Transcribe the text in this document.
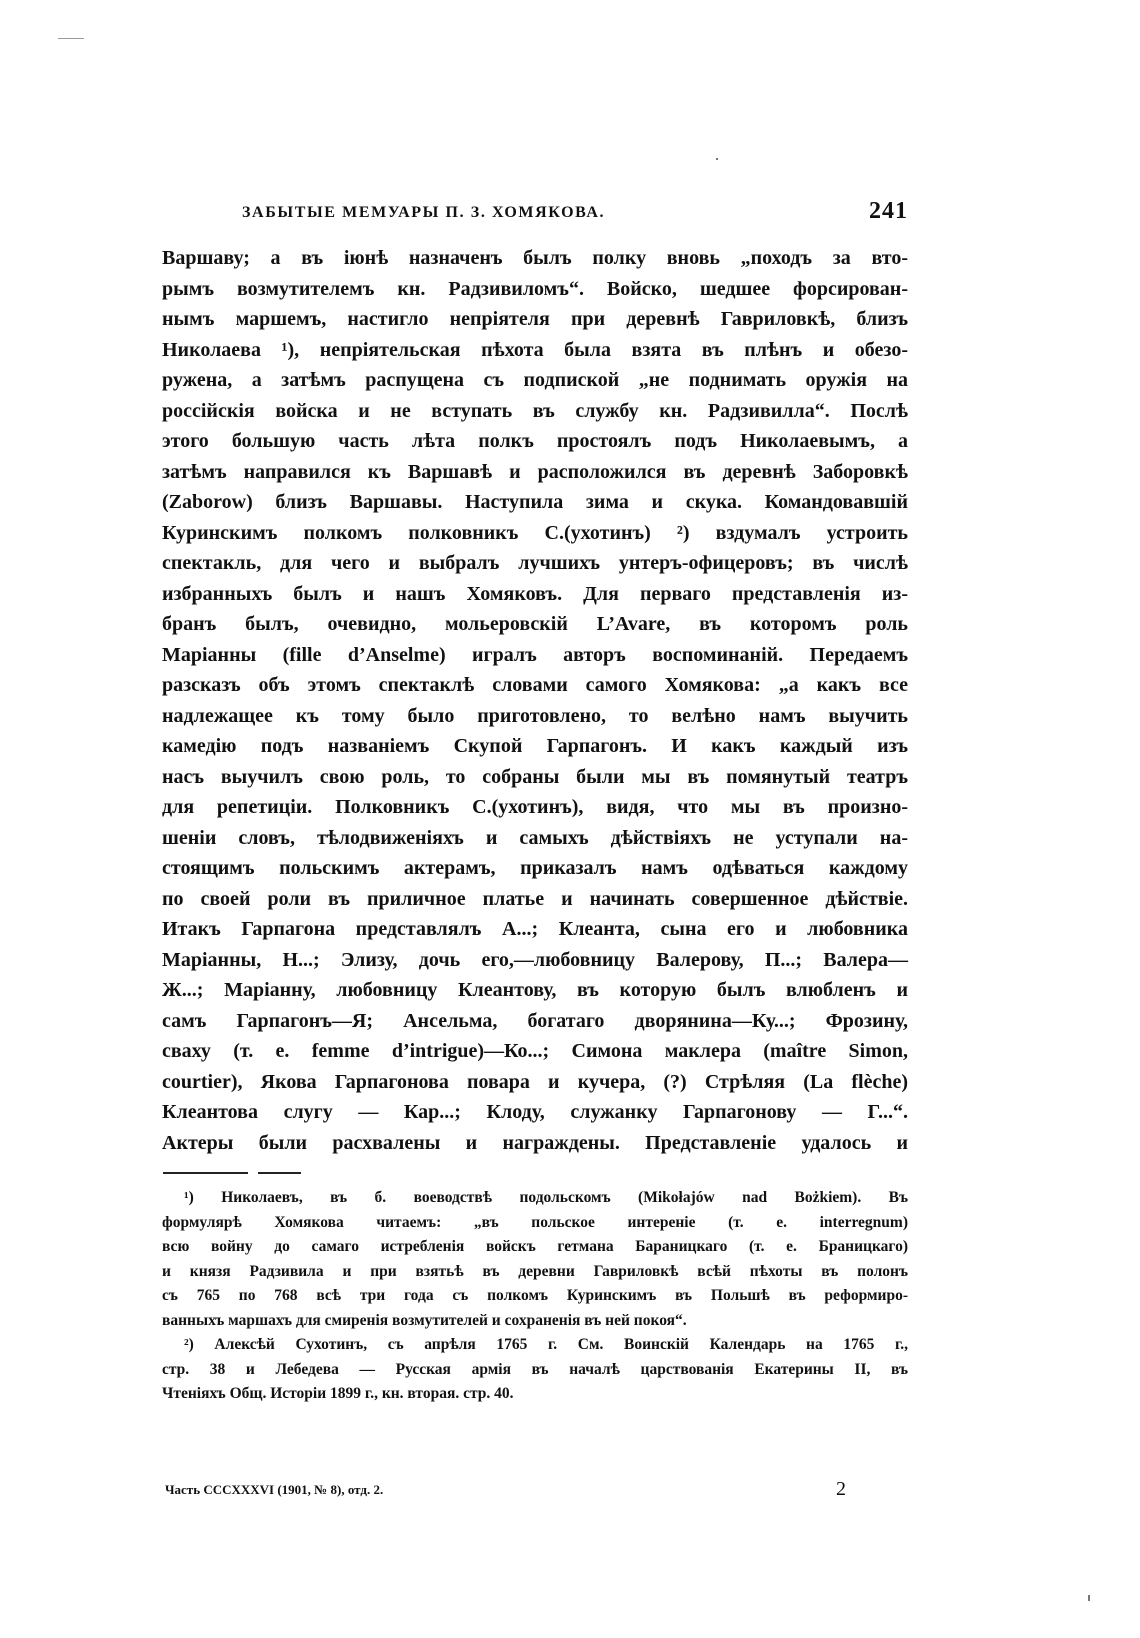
ЗАБЫТЫЕ МЕМУАРЫ П. З. ХОМЯКОВА.	241
Варшаву; а въ іюнѣ назначенъ былъ полку вновь „походъ за вто-
рымъ возмутителемъ кн. Радзивиломъ“. Войско, шедшее форсирован-
нымъ маршемъ, настигло непріятеля при деревнѣ Гавриловкѣ, близъ
Николаева ¹), непріятельская пѣхота была взята въ плѣнъ и обезо-
ружена, а затѣмъ распущена съ подпиской „не поднимать оружія на
россійскія войска и не вступать въ службу кн. Радзивилла“. Послѣ
этого большую часть лѣта полкъ простоялъ подъ Николаевымъ, а
затѣмъ направился къ Варшавѣ и расположился въ деревнѣ Заборовкѣ
(Zaborow) близъ Варшавы. Наступила зима и скука. Командовавшій
Куринскимъ полкомъ полковникъ С.(ухотинъ) ²) вздумалъ устроить
спектакль, для чего и выбралъ лучшихъ унтеръ-офицеровъ; въ числѣ
избранныхъ былъ и нашъ Хомяковъ. Для перваго представленія из-
бранъ былъ, очевидно, мольеровскій L’Avare, въ которомъ роль
Маріанны (fille d’Anselme) игралъ авторъ воспоминаній. Передаемъ
разсказъ объ этомъ спектаклѣ словами самого Хомякова: „а какъ все
надлежащее къ тому было приготовлено, то велѣно намъ выучить
камедію подъ названіемъ Скупой Гарпагонъ. И какъ каждый изъ
насъ выучилъ свою роль, то собраны были мы въ помянутый театръ
для репетиціи. Полковникъ С.(ухотинъ), видя, что мы въ произно-
шеніи словъ, тѣлодвиженіяхъ и самыхъ дѣйствіяхъ не уступали на-
стоящимъ польскимъ актерамъ, приказалъ намъ одѣваться каждому
по своей роли въ приличное платье и начинать совершенное дѣйствіе.
Итакъ Гарпагона представлялъ А...; Клеанта, сына его и любовника
Маріанны, Н...; Элизу, дочь его,—любовницу Валерову, П...; Валера—
Ж...; Маріанну, любовницу Клеантову, въ которую былъ влюбленъ и
самъ Гарпагонъ—Я; Ансельма, богатаго дворянина—Ку...; Фрозину,
сваху (т. е. femme d’intrigue)—Ко...; Симона маклера (maître Simon,
courtier), Якова Гарпагонова повара и кучера, (?) Стрѣляя (La flèche)
Клеантова слугу — Кар...; Клоду, служанку Гарпагонову — Г...“.
Актеры были расхвалены и награждены. Представленіе удалось и
¹) Николаевъ, въ б. воеводствѣ подольскомъ (Mikołajów nad Bożkiem). Въ
формулярѣ Хомякова читаемъ: „въ польское интереніе (т. е. interregnum)
всю войну до самаго истребленія войскъ гетмана Бараницкаго (т. е. Браницкаго)
и князя Радзивила и при взятьѣ въ деревни Гавриловкѣ всѣй пѣхоты въ полонъ
съ 765 по 768 всѣ три года съ полкомъ Куринскимъ въ Польшѣ въ реформиро-
ванныхъ маршахъ для смиренія возмутителей и сохраненія въ ней покоя“.
²) Алексѣй Сухотинъ, съ апрѣля 1765 г. См. Воинскій Календарь на 1765 г.,
стр. 38 и Лебедева — Русская армія въ началѣ царствованія Екатерины II, въ
Чтеніяхъ Общ. Исторіи 1899 г., кн. вторая. стр. 40.
Часть CCCXXXVI (1901, № 8), отд. 2.	2
